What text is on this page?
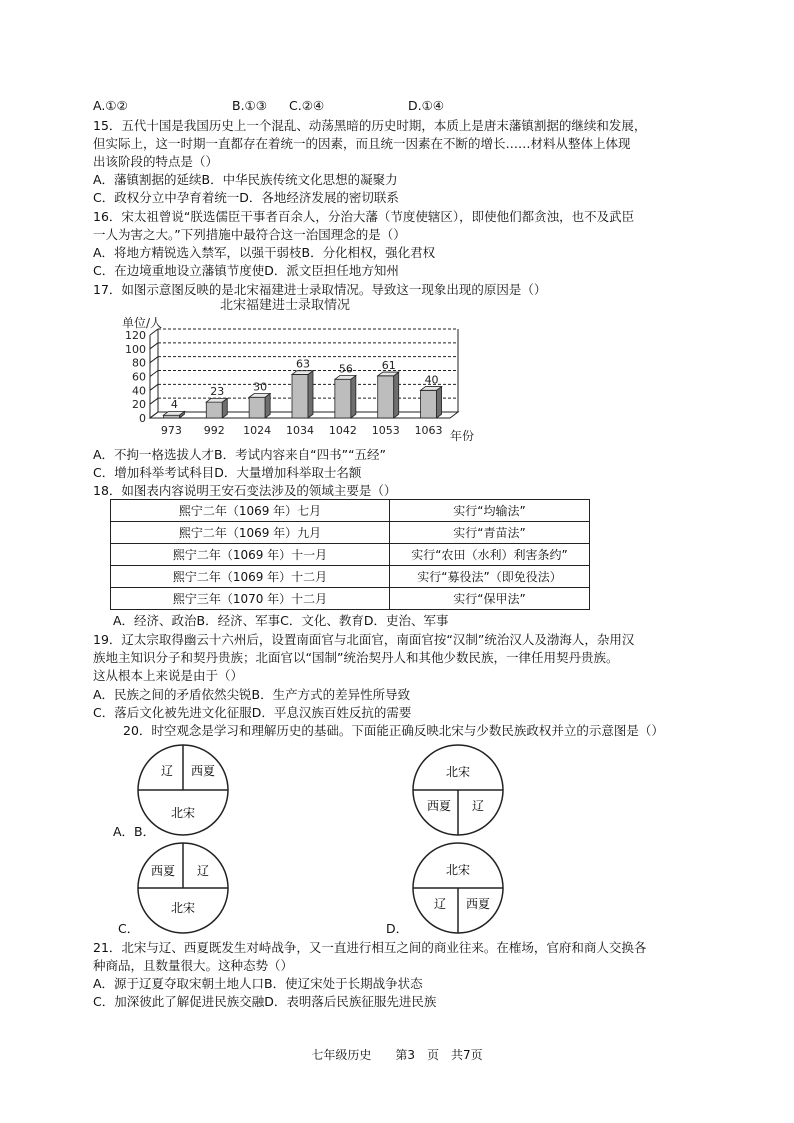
A.①②	B.①③ C.②④	D.①④
15．五代十国是我国历史上一个混乱、动荡黑暗的历史时期，本质上是唐末藩镇割据的继续和发展，
但实际上，这一时期一直都存在着统一的因素，而且统一因素在不断的增长……材料从整体上体现
出该阶段的特点是（）
A．藩镇割据的延续B．中华民族传统文化思想的凝聚力
C．政权分立中孕育着统一D．各地经济发展的密切联系
16．宋太祖曾说“朕选儒臣干事者百余人，分治大藩（节度使辖区），即使他们都贪浊，也不及武臣
一人为害之大。”下列措施中最符合这一治国理念的是（）
A．将地方精锐选入禁军，以强干弱枝B．分化相权，强化君权
C．在边境重地设立藩镇节度使D．派文臣担任地方知州
17．如图示意图反映的是北宋福建进士录取情况。导致这一现象出现的原因是（）
北宋福建进士录取情况
单位/人
年份
0
20
40
60
80
100
120
4
23	30
63	56	61
40
973 992 1024 1034 1042 1053 1063
A．不拘一格选拔人才B．考试内容来自“四书”“五经”
C．增加科举考试科目D．大量增加科举取士名额
18．如图表内容说明王安石变法涉及的领域主要是（）
熙宁二年（1069 年）七月	实行“均输法”
熙宁二年（1069 年）九月	实行“青苗法”
熙宁二年（1069 年）十一月	实行“农田（水利）利害条约”
熙宁二年（1069 年）十二月	实行“募役法”（即免役法）
熙宁三年（1070 年）十二月	实行“保甲法”
A．经济、政治B．经济、军事C．文化、教育D．吏治、军事
19．辽太宗取得幽云十六州后，设置南面官与北面官，南面官按“汉制”统治汉人及渤海人，杂用汉
族地主知识分子和契丹贵族；北面官以“国制”统治契丹人和其他少数民族，一律任用契丹贵族。
这从根本上来说是由于（）
A．民族之间的矛盾依然尖锐B．生产方式的差异性所导致
C．落后文化被先进文化征服D．平息汉族百姓反抗的需要
20．时空观念是学习和理解历史的基础。下面能正确反映北宋与少数民族政权并立的示意图是（）
辽 西夏
北宋
北宋
西夏 辽
A．B．
西夏 辽
北宋
C．
北宋
辽 西夏
D．
21．北宋与辽、西夏既发生对峙战争，又一直进行相互之间的商业往来。在榷场，官府和商人交换各
种商品，且数量很大。这种态势（）
A．源于辽夏夺取宋朝土地人口B．使辽宋处于长期战争状态
C．加深彼此了解促进民族交融D．表明落后民族征服先进民族
七年级历史　　第3　页　共7页
